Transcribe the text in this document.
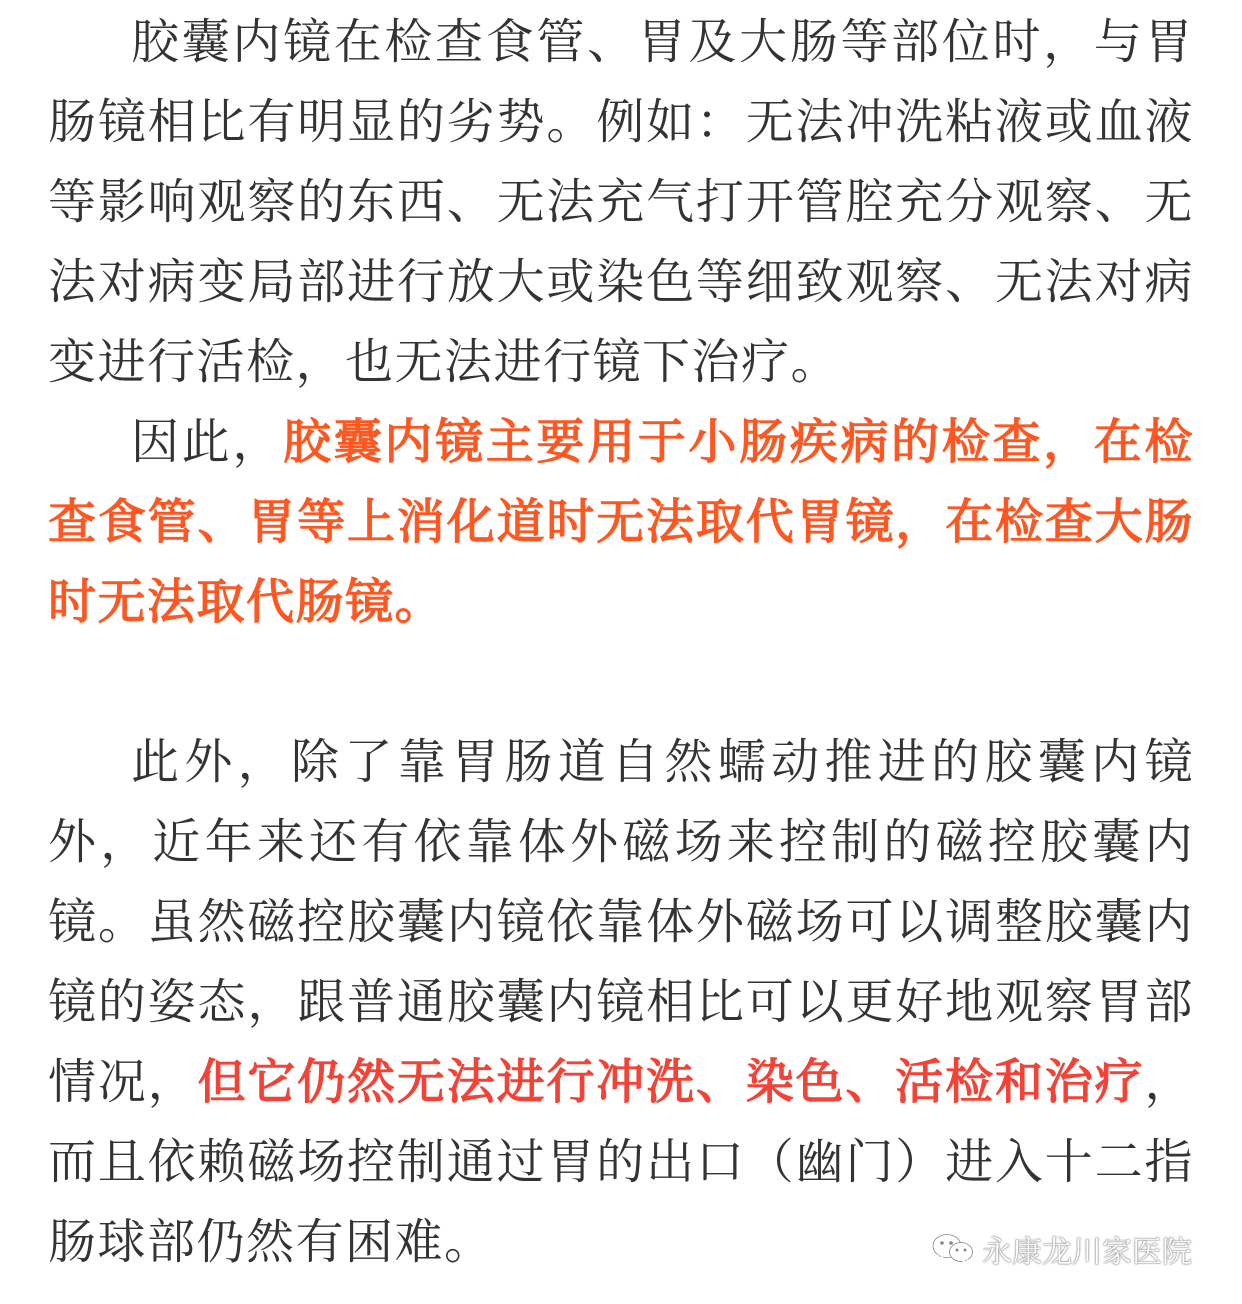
胶囊内镜在检查食管、胃及大肠等部位时，与胃肠镜相比有明显的劣势。例如：无法冲洗粘液或血液等影响观察的东西、无法充气打开管腔充分观察、无法对病变局部进行放大或染色等细致观察、无法对病变进行活检，也无法进行镜下治疗。

因此，胶囊内镜主要用于小肠疾病的检查，在检查食管、胃等上消化道时无法取代胃镜，在检查大肠时无法取代肠镜。

此外，除了靠胃肠道自然蠕动推进的胶囊内镜外，近年来还有依靠体外磁场来控制的磁控胶囊内镜。虽然磁控胶囊内镜依靠体外磁场可以调整胶囊内镜的姿态，跟普通胶囊内镜相比可以更好地观察胃部情况，但它仍然无法进行冲洗、染色、活检和治疗，而且依赖磁场控制通过胃的出口（幽门）进入十二指肠球部仍然有困难。	永康龙川家医院
